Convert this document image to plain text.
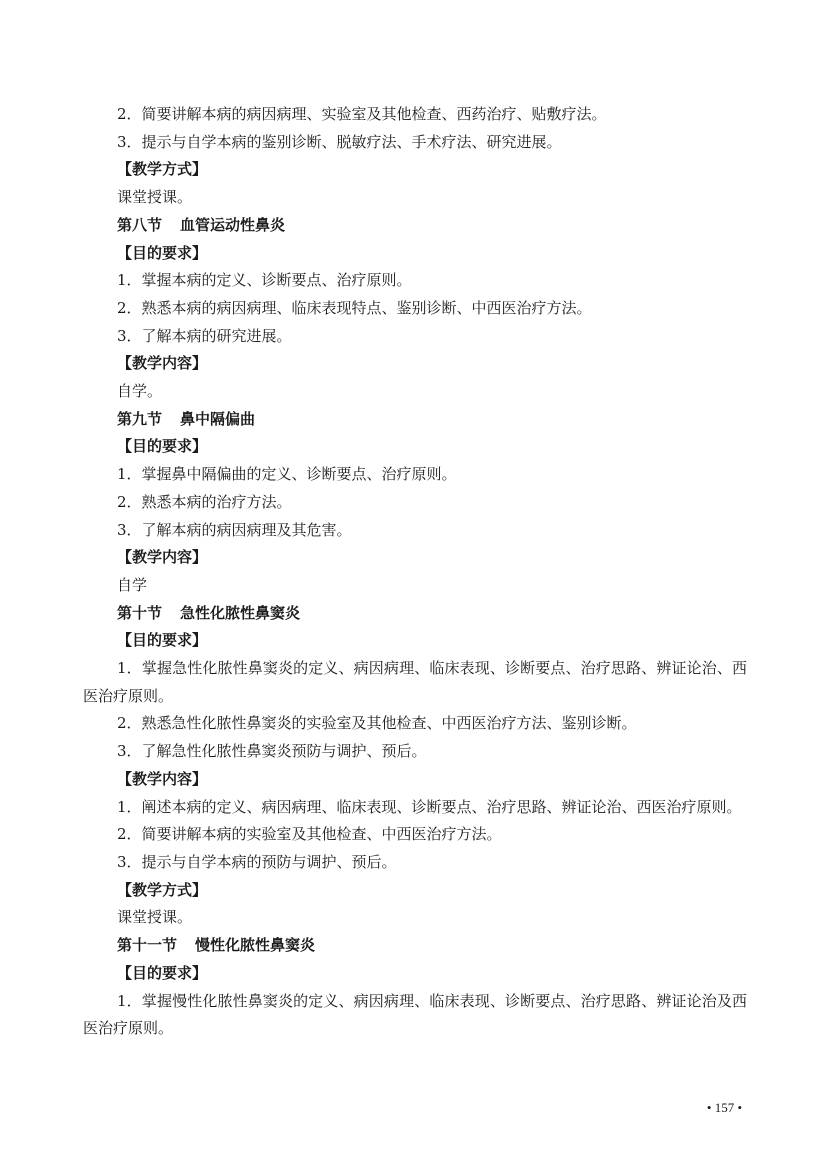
2．简要讲解本病的病因病理、实验室及其他检查、西药治疗、贴敷疗法。
3．提示与自学本病的鉴别诊断、脱敏疗法、手术疗法、研究进展。
【教学方式】
课堂授课。
第八节 血管运动性鼻炎
【目的要求】
1．掌握本病的定义、诊断要点、治疗原则。
2．熟悉本病的病因病理、临床表现特点、鉴别诊断、中西医治疗方法。
3．了解本病的研究进展。
【教学内容】
自学。
第九节 鼻中隔偏曲
【目的要求】
1．掌握鼻中隔偏曲的定义、诊断要点、治疗原则。
2．熟悉本病的治疗方法。
3．了解本病的病因病理及其危害。
【教学内容】
自学
第十节 急性化脓性鼻窦炎
【目的要求】
1．掌握急性化脓性鼻窦炎的定义、病因病理、临床表现、诊断要点、治疗思路、辨证论治、西医治疗原则。
2．熟悉急性化脓性鼻窦炎的实验室及其他检查、中西医治疗方法、鉴别诊断。
3．了解急性化脓性鼻窦炎预防与调护、预后。
【教学内容】
1．阐述本病的定义、病因病理、临床表现、诊断要点、治疗思路、辨证论治、西医治疗原则。
2．简要讲解本病的实验室及其他检查、中西医治疗方法。
3．提示与自学本病的预防与调护、预后。
【教学方式】
课堂授课。
第十一节 慢性化脓性鼻窦炎
【目的要求】
1．掌握慢性化脓性鼻窦炎的定义、病因病理、临床表现、诊断要点、治疗思路、辨证论治及西医治疗原则。
• 157 •
